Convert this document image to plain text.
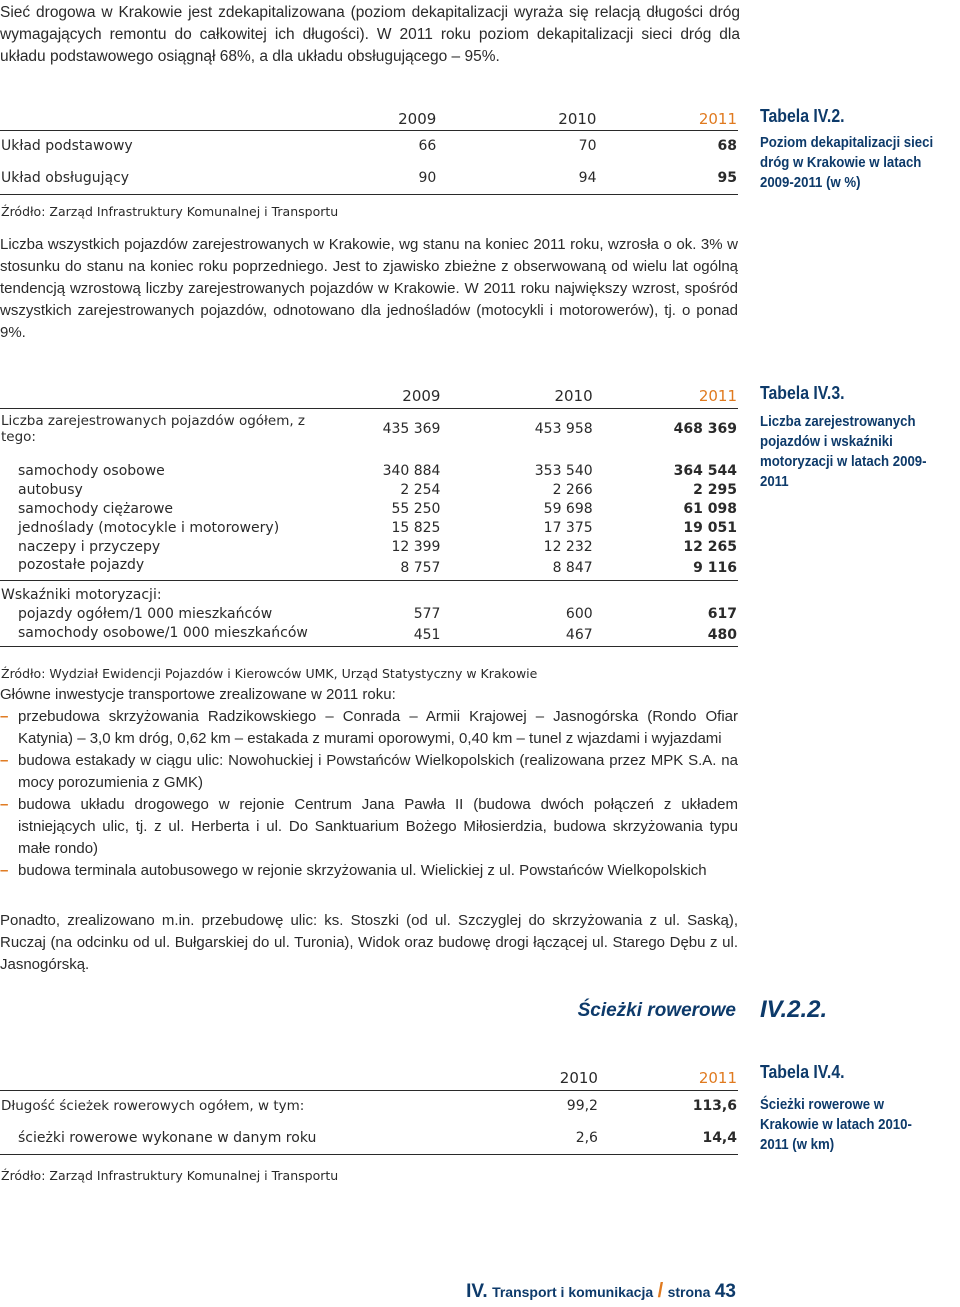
Sieć drogowa w Krakowie jest zdekapitalizowana (poziom dekapitalizacji wyraża się relacją długości dróg wymagających remontu do całkowitej ich długości). W 2011 roku poziom dekapitalizacji sieci dróg dla układu podstawowego osiągnął 68%, a dla układu obsługującego – 95%.

	2009	2010	2011
Układ podstawowy	66	70	68
Układ obsługujący	90	94	95
Źródło: Zarząd Infrastruktury Komunalnej i Transportu			
Tabela IV.2.
Poziom dekapitalizacji sieci dróg w Krakowie w latach 2009-2011 (w %)

Liczba wszystkich pojazdów zarejestrowanych w Krakowie, wg stanu na koniec 2011 roku, wzrosła o ok. 3% w stosunku do stanu na koniec roku poprzedniego. Jest to zjawisko zbieżne z obserwowaną od wielu lat ogólną tendencją wzrostową liczby zarejestrowanych pojazdów w Krakowie. W 2011 roku największy wzrost, spośród wszystkich zarejestrowanych pojazdów, odnotowano dla jednośladów (motocykli i motorowerów), tj. o ponad 9%.

	2009	2010	2011
Liczba zarejestrowanych pojazdów ogółem, z tego:	435 369	453 958	468 369
samochody osobowe	340 884	353 540	364 544
autobusy	2 254	2 266	2 295
samochody ciężarowe	55 250	59 698	61 098
jednoślady (motocykle i motorowery)	15 825	17 375	19 051
naczepy i przyczepy	12 399	12 232	12 265
pozostałe pojazdy	8 757	8 847	9 116
Wskaźniki motoryzacji:			
pojazdy ogółem/1 000 mieszkańców	577	600	617
samochody osobowe/1 000 mieszkańców	451	467	480
Źródło: Wydział Ewidencji Pojazdów i Kierowców UMK, Urząd Statystyczny w Krakowie			
Tabela IV.3.
Liczba zarejestrowanych pojazdów i wskaźniki motoryzacji w latach 2009-2011

Główne inwestycje transportowe zrealizowane w 2011 roku:

– przebudowa skrzyżowania Radzikowskiego – Conrada – Armii Krajowej – Jasnogórska (Rondo Ofiar Katynia) – 3,0 km dróg, 0,62 km – estakada z murami oporowymi, 0,40 km – tunel z wjazdami i wyjazdami
– budowa estakady w ciągu ulic: Nowohuckiej i Powstańców Wielkopolskich (realizowana przez MPK S.A. na mocy porozumienia z GMK)
– budowa układu drogowego w rejonie Centrum Jana Pawła II (budowa dwóch połączeń z układem istniejących ulic, tj. z ul. Herberta i ul. Do Sanktuarium Bożego Miłosierdzia, budowa skrzyżowania typu małe rondo)
– budowa terminala autobusowego w rejonie skrzyżowania ul. Wielickiej z ul. Powstańców Wielkopolskich

Ponadto, zrealizowano m.in. przebudowę ulic: ks. Stoszki (od ul. Szczyglej do skrzyżowania z ul. Saską), Ruczaj (na odcinku od ul. Bułgarskiej do ul. Turonia), Widok oraz budowę drogi łączącej ul. Starego Dębu z ul. Jasnogórską.

Ścieżki rowerowe IV.2.2.
	2010	2011
Długość ścieżek rowerowych ogółem, w tym:	99,2	113,6
ścieżki rowerowe wykonane w danym roku	2,6	14,4
Źródło: Zarząd Infrastruktury Komunalnej i Transportu		
Tabela IV.4.
Ścieżki rowerowe w Krakowie w latach 2010-2011 (w km)
IV. Transport i komunikacja / strona 43
